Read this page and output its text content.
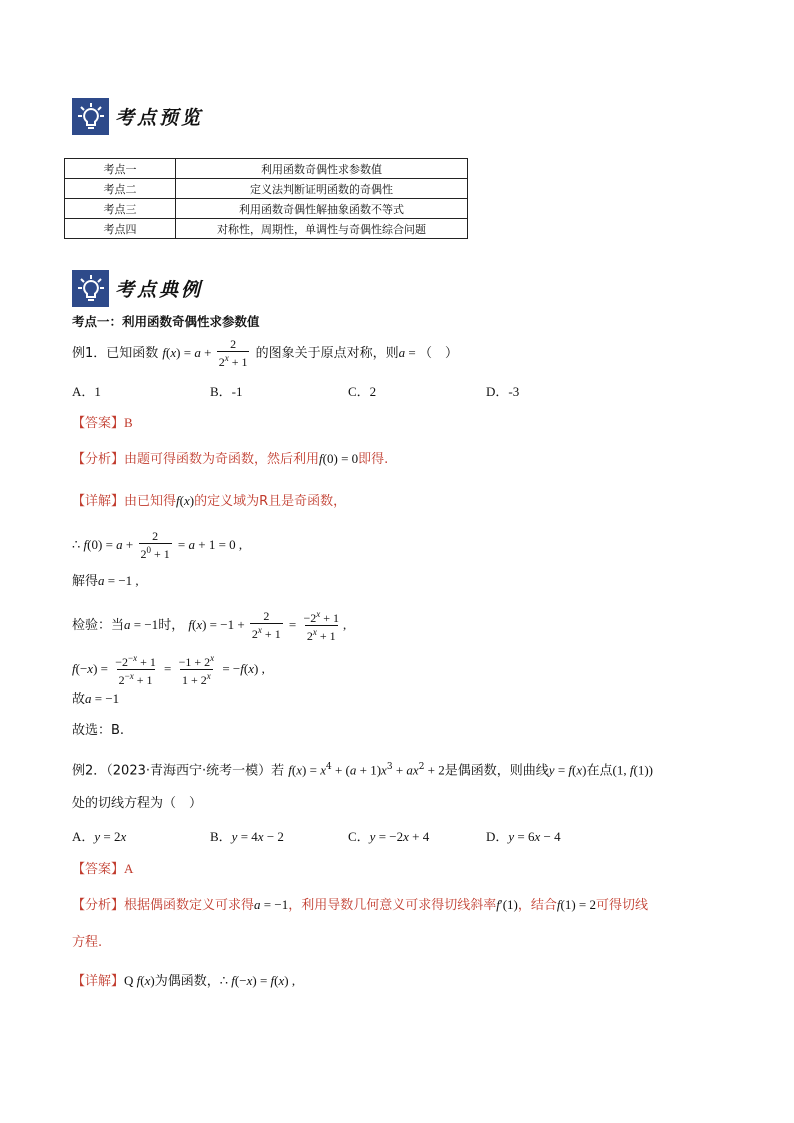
考点预览
考点一	利用函数奇偶性求参数值
考点二	定义法判断证明函数的奇偶性
考点三	利用函数奇偶性解抽象函数不等式
考点四	对称性，周期性，单调性与奇偶性综合问题
考点典例
考点一：利用函数奇偶性求参数值
例1．已知函数 $f(x) = a + \frac{2}{2^x + 1}$ 的图象关于原点对称，则a = （　）
A．1	B．-1	C．2	D．-3
【答案】B
【分析】由题可得函数为奇函数，然后利用f(0) = 0即得.
【详解】由已知得f(x)的定义域为R且是奇函数，
∴ $f(0) = a + \frac{2}{2^0 + 1} = a + 1 = 0$ ,
解得a = −1 ,
检验：当a = −1时， $f(x) = -1 + \frac{2}{2^x + 1} = \frac{-2^x + 1}{2^x + 1}$ ,
$f(-x) = \frac{-2^{-x} + 1}{2^{-x} + 1} = \frac{-1 + 2^x}{1 + 2^x} = -f(x)$ ,
故a = −1
故选：B.
例2．（2023·青海西宁·统考一模）若 $f(x) = x^4 + (a + 1)x^3 + ax^2 + 2$是偶函数，则曲线y = f(x)在点(1, f(1))
处的切线方程为（　）
A．y = 2x	B．y = 4x − 2	C．y = −2x + 4	D．y = 6x − 4
【答案】A
【分析】根据偶函数定义可求得a = −1，利用导数几何意义可求得切线斜率f′(1)，结合f(1) = 2可得切线
方程.
【详解】Q f(x)为偶函数，∴ f(−x) = f(x) ,
